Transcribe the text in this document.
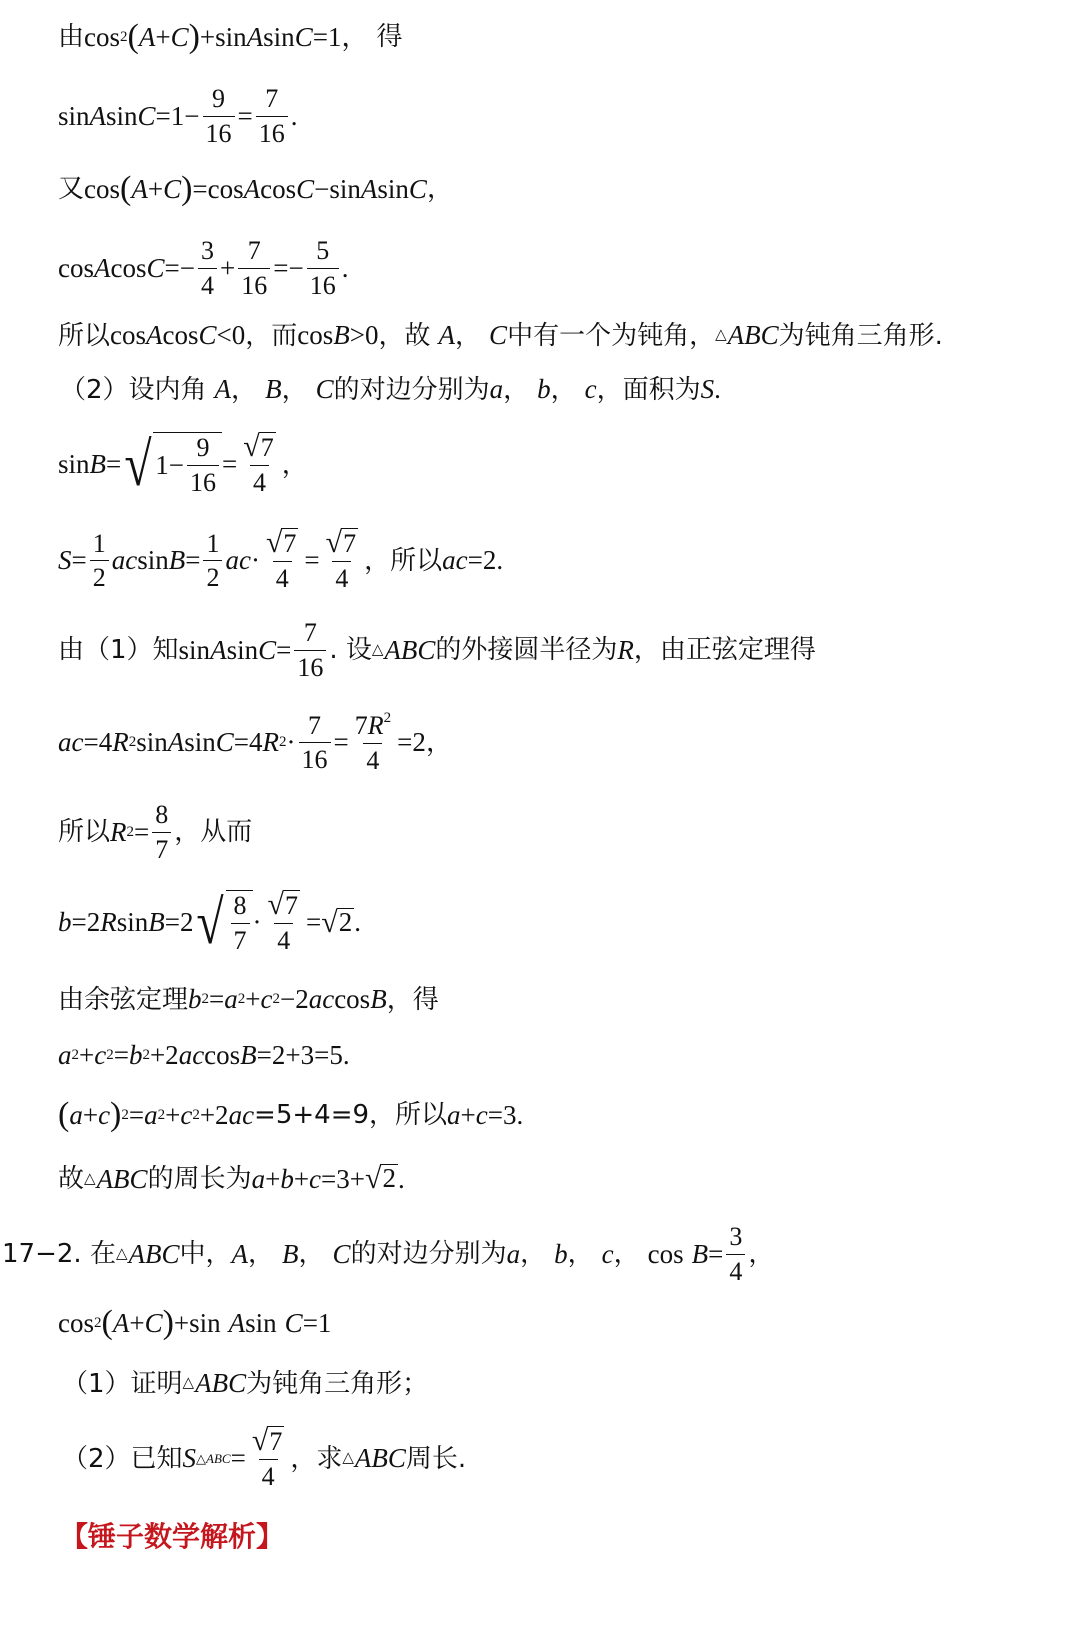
由 cos 2 ( A + C ) +sin A sin C =1， 得
sin A $\sin C =1- \frac{9}{16} = \frac{7}{16}$ .
又 cos ( A + C ) =cos A cos C −sin A sin C ，
cos A $\cos C =- \frac{3}{4} + \frac{7}{16} =- \frac{5}{16}$ .
所以 cos A cos C <0 ，而 cos B >0 ，故 A ， C 中有一个为钝角， △ ABC 为钝角三角形.
（2）设内角 A ， B ， C 的对边分别为 a ， b ， c ，面积为 S .
sin B = √ $1- \frac{9}{16} = \frac{√ 7}{4}$ ，
$S = \frac{1}{2}$ ac $\sin B = \frac{1}{2}$ ac · $\frac{√ 7}{4} = \frac{√ 7}{4}$ ，所以 ac =2.
由（1）知 sin A $\sin C = \frac{7}{16}$ . 设 △ ABC 的外接圆半径为 R ，由正弦定理得
ac =4 R 2 sin A sin C =4 R $2 \cdot \frac{7}{16} = \frac{7R^2}{4} =2$，
所以 R $2 = \frac{8}{7}$ ，从而
b =2 R sin B =2 √ $\frac{8}{7} \cdot \frac{√ 7}{4}$ = √ 2 .
由余弦定理 b 2 = a 2 + c 2 −2 ac cos B ，得
a 2 + c 2 = b 2 +2 ac cos B =2+3=5.
( a + c ) 2 = a 2 + c 2 +2 ac =5+4=9，所以 a + c =3.
故 △ ABC 的周长为 a + b + c =3+ √ 2 .
17−2. 在 △ ABC 中， A ， B ， C 的对边分别为 a ， b ， c ， $\cos B = \frac{3}{4}$ ，
cos 2 ( A + C ) +sin A sin C =1
（1）证明 △ ABC 为钝角三角形；
（2）已知 S △ABC = $\frac{√ 7}{4}$ ，求 △ ABC 周长.
【锤子数学解析】
